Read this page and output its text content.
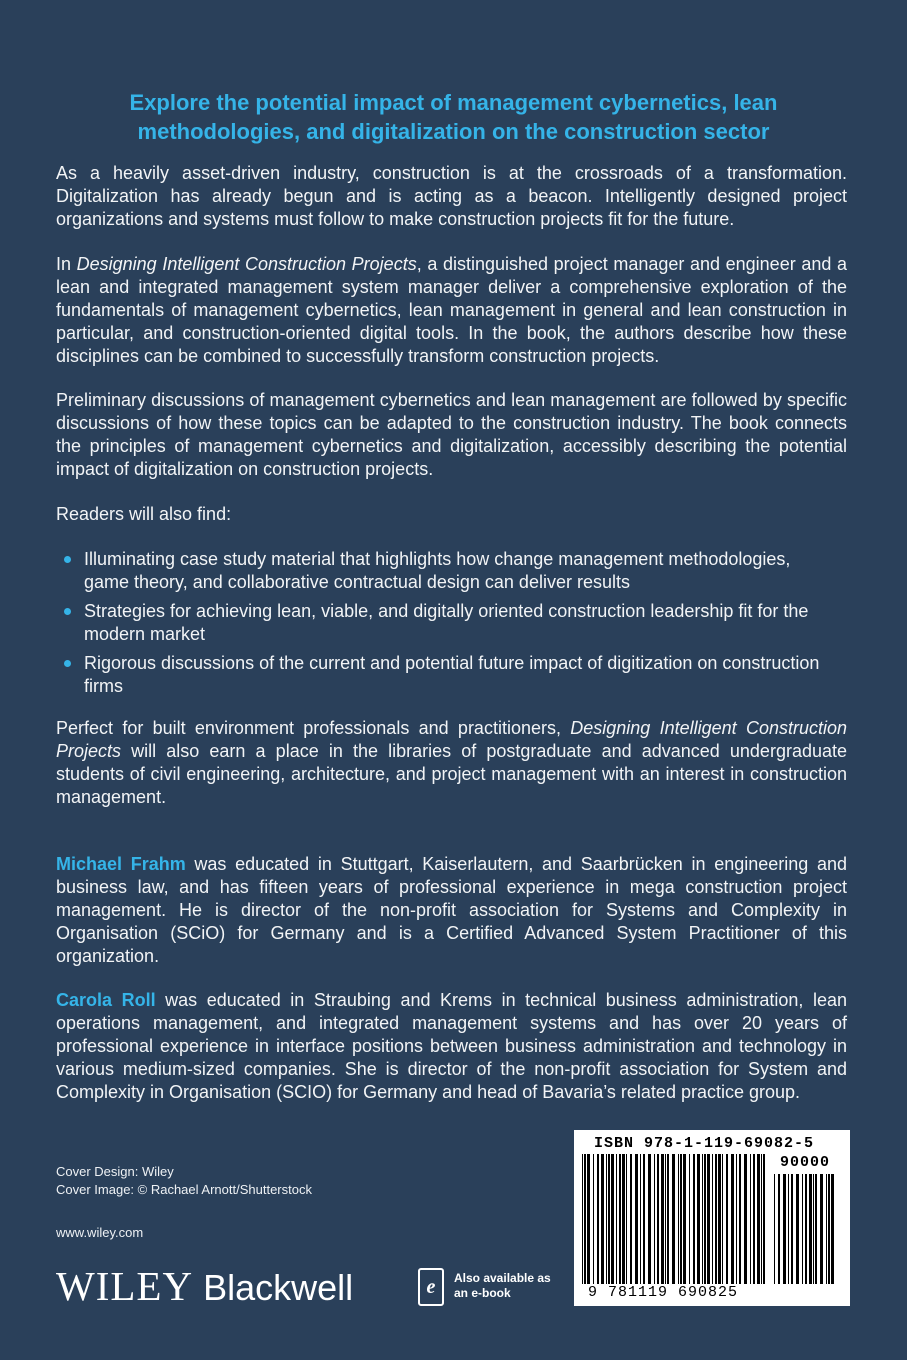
Explore the potential impact of management cybernetics, lean methodologies, and digitalization on the construction sector

As a heavily asset-driven industry, construction is at the crossroads of a transformation. Digitalization has already begun and is acting as a beacon. Intelligently designed project organizations and systems must follow to make construction projects fit for the future.

In Designing Intelligent Construction Projects, a distinguished project manager and engineer and a lean and integrated management system manager deliver a comprehensive exploration of the fundamentals of management cybernetics, lean management in general and lean construction in particular, and construction-oriented digital tools. In the book, the authors describe how these disciplines can be combined to successfully transform construction projects.

Preliminary discussions of management cybernetics and lean management are followed by specific discussions of how these topics can be adapted to the construction industry. The book connects the principles of management cybernetics and digitalization, accessibly describing the potential impact of digitalization on construction projects.

Readers will also find:

Illuminating case study material that highlights how change management methodologies, game theory, and collaborative contractual design can deliver results
Strategies for achieving lean, viable, and digitally oriented construction leadership fit for the modern market
Rigorous discussions of the current and potential future impact of digitization on construction firms

Perfect for built environment professionals and practitioners, Designing Intelligent Construction Projects will also earn a place in the libraries of postgraduate and advanced undergraduate students of civil engineering, architecture, and project management with an interest in construction management.

Michael Frahm was educated in Stuttgart, Kaiserlautern, and Saarbrücken in engineering and business law, and has fifteen years of professional experience in mega construction project management. He is director of the non-profit association for Systems and Complexity in Organisation (SCiO) for Germany and is a Certified Advanced System Practitioner of this organization.

Carola Roll was educated in Straubing and Krems in technical business administration, lean operations management, and integrated management systems and has over 20 years of professional experience in interface positions between business administration and technology in various medium-sized companies. She is director of the non-profit association for System and Complexity in Organisation (SCIO) for Germany and head of Bavaria’s related practice group.

Cover Design: Wiley
Cover Image: © Rachael Arnott/Shutterstock
www.wiley.com
WILEY Blackwell	e	Also available as an e-book
ISBN 978-1-119-69082-5
90000
9 781119 690825
